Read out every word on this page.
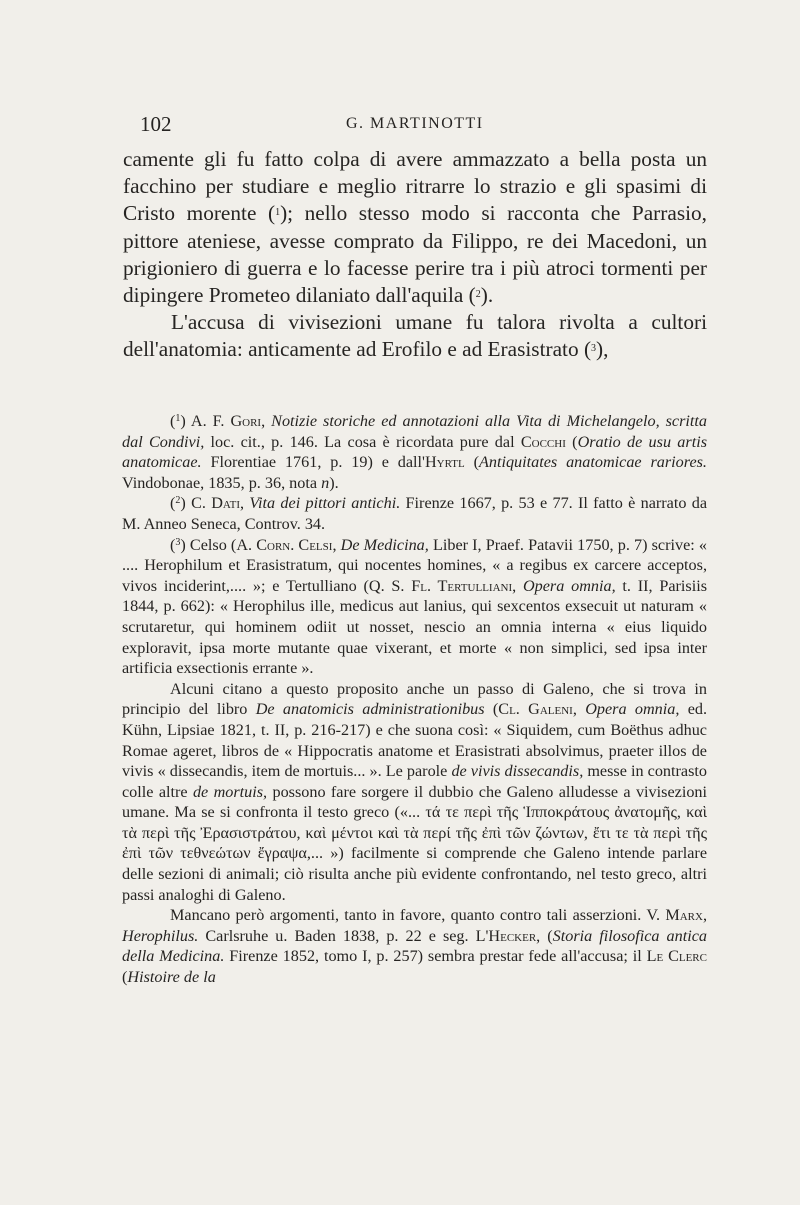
102	G. MARTINOTTI

camente gli fu fatto colpa di avere ammazzato a bella posta un facchino per studiare e meglio ritrarre lo strazio e gli spasimi di Cristo morente ($^1$); nello stesso modo si racconta che Parrasio, pittore ateniese, avesse comprato da Filippo, re dei Macedoni, un prigioniero di guerra e lo facesse perire tra i più atroci tormenti per dipingere Prometeo dilaniato dall'aquila ($^2$).

L'accusa di vivisezioni umane fu talora rivolta a cultori dell'anatomia: anticamente ad Erofilo e ad Erasistrato ($^3$),

($^1$) A. F. Gori, Notizie storiche ed annotazioni alla Vita di Michelangelo, scritta dal Condivi, loc. cit., p. 146. La cosa è ricordata pure dal Cocchi (Oratio de usu artis anatomicae. Florentiae 1761, p. 19) e dall'Hyrtl (Antiquitates anatomicae rariores. Vindobonae, 1835, p. 36, nota n).

($^2$) C. Dati, Vita dei pittori antichi. Firenze 1667, p. 53 e 77. Il fatto è narrato da M. Anneo Seneca, Controv. 34.

($^3$) Celso (A. Corn. Celsi, De Medicina, Liber I, Praef. Patavii 1750, p. 7) scrive: « .... Herophilum et Erasistratum, qui nocentes homines, « a regibus ex carcere acceptos, vivos inciderint,.... »; e Tertulliano (Q. S. Fl. Tertulliani, Opera omnia, t. II, Parisiis 1844, p. 662): « Herophilus ille, medicus aut lanius, qui sexcentos exsecuit ut naturam « scrutaretur, qui hominem odiit ut nosset, nescio an omnia interna « eius liquido exploravit, ipsa morte mutante quae vixerant, et morte « non simplici, sed ipsa inter artificia exsectionis errante ».

Alcuni citano a questo proposito anche un passo di Galeno, che si trova in principio del libro De anatomicis administrationibus (Cl. Galeni, Opera omnia, ed. Kühn, Lipsiae 1821, t. II, p. 216-217) e che suona così: « Siquidem, cum Boëthus adhuc Romae ageret, libros de « Hippocratis anatome et Erasistrati absolvimus, praeter illos de vivis « dissecandis, item de mortuis... ». Le parole de vivis dissecandis, messe in contrasto colle altre de mortuis, possono fare sorgere il dubbio che Galeno alludesse a vivisezioni umane. Ma se si confronta il testo greco («... τά τε περὶ τῆς Ἱπποκράτους ἀνατομῆς, καὶ τὰ περὶ τῆς Ἐρασιστράτου, καὶ μέντοι καὶ τὰ περί τῆς ἐπὶ τῶν ζώντων, ἔτι τε τὰ περὶ τῆς ἐπὶ τῶν τεθνεώτων ἔγραψα,... ») facilmente si comprende che Galeno intende parlare delle sezioni di animali; ciò risulta anche più evidente confrontando, nel testo greco, altri passi analoghi di Galeno.

Mancano però argomenti, tanto in favore, quanto contro tali asserzioni. V. Marx, Herophilus. Carlsruhe u. Baden 1838, p. 22 e seg. L'Hecker, (Storia filosofica antica della Medicina. Firenze 1852, tomo I, p. 257) sembra prestar fede all'accusa; il Le Clerc (Histoire de la
